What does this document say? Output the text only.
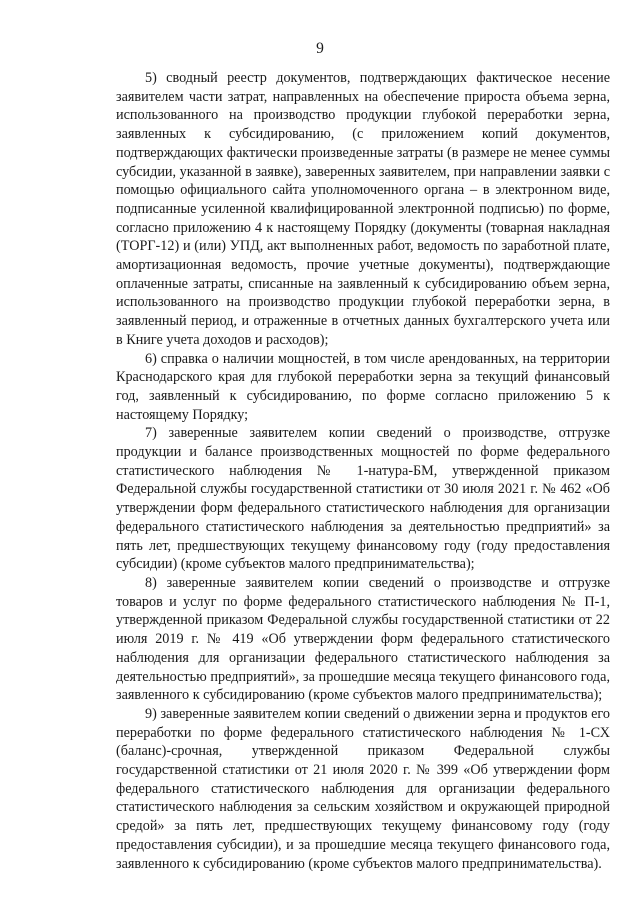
9

5) сводный реестр документов, подтверждающих фактическое несение заявителем части затрат, направленных на обеспечение прироста объема зерна, использованного на производство продукции глубокой переработки зерна, заявленных к субсидированию, (с приложением копий документов, подтверждающих фактически произведенные затраты (в размере не менее суммы субсидии, указанной в заявке), заверенных заявителем, при направлении заявки с помощью официального сайта уполномоченного органа – в электронном виде, подписанные усиленной квалифицированной электронной подписью) по форме, согласно приложению 4 к настоящему Порядку (документы (товарная накладная (ТОРГ-12) и (или) УПД, акт выполненных работ, ведомость по заработной плате, амортизационная ведомость, прочие учетные документы), подтверждающие оплаченные затраты, списанные на заявленный к субсидированию объем зерна, использованного на производство продукции глубокой переработки зерна, в заявленный период, и отраженные в отчетных данных бухгалтерского учета или в Книге учета доходов и расходов);

6) справка о наличии мощностей, в том числе арендованных, на территории Краснодарского края для глубокой переработки зерна за текущий финансовый год, заявленный к субсидированию, по форме согласно приложению 5 к настоящему Порядку;

7) заверенные заявителем копии сведений о производстве, отгрузке продукции и балансе производственных мощностей по форме федерального статистического наблюдения № 1-натура-БМ, утвержденной приказом Федеральной службы государственной статистики от 30 июля 2021 г. № 462 «Об утверждении форм федерального статистического наблюдения для организации федерального статистического наблюдения за деятельностью предприятий» за пять лет, предшествующих текущему финансовому году (году предоставления субсидии) (кроме субъектов малого предпринимательства);

8) заверенные заявителем копии сведений о производстве и отгрузке товаров и услуг по форме федерального статистического наблюдения № П-1, утвержденной приказом Федеральной службы государственной статистики от 22 июля 2019 г. № 419 «Об утверждении форм федерального статистического наблюдения для организации федерального статистического наблюдения за деятельностью предприятий», за прошедшие месяца текущего финансового года, заявленного к субсидированию (кроме субъектов малого предпринимательства);

9) заверенные заявителем копии сведений о движении зерна и продуктов его переработки по форме федерального статистического наблюдения № 1-СХ (баланс)-срочная, утвержденной приказом Федеральной службы государственной статистики от 21 июля 2020 г. № 399 «Об утверждении форм федерального статистического наблюдения для организации федерального статистического наблюдения за сельским хозяйством и окружающей природной средой» за пять лет, предшествующих текущему финансовому году (году предоставления субсидии), и за прошедшие месяца текущего финансового года, заявленного к субсидированию (кроме субъектов малого предпринимательства).
